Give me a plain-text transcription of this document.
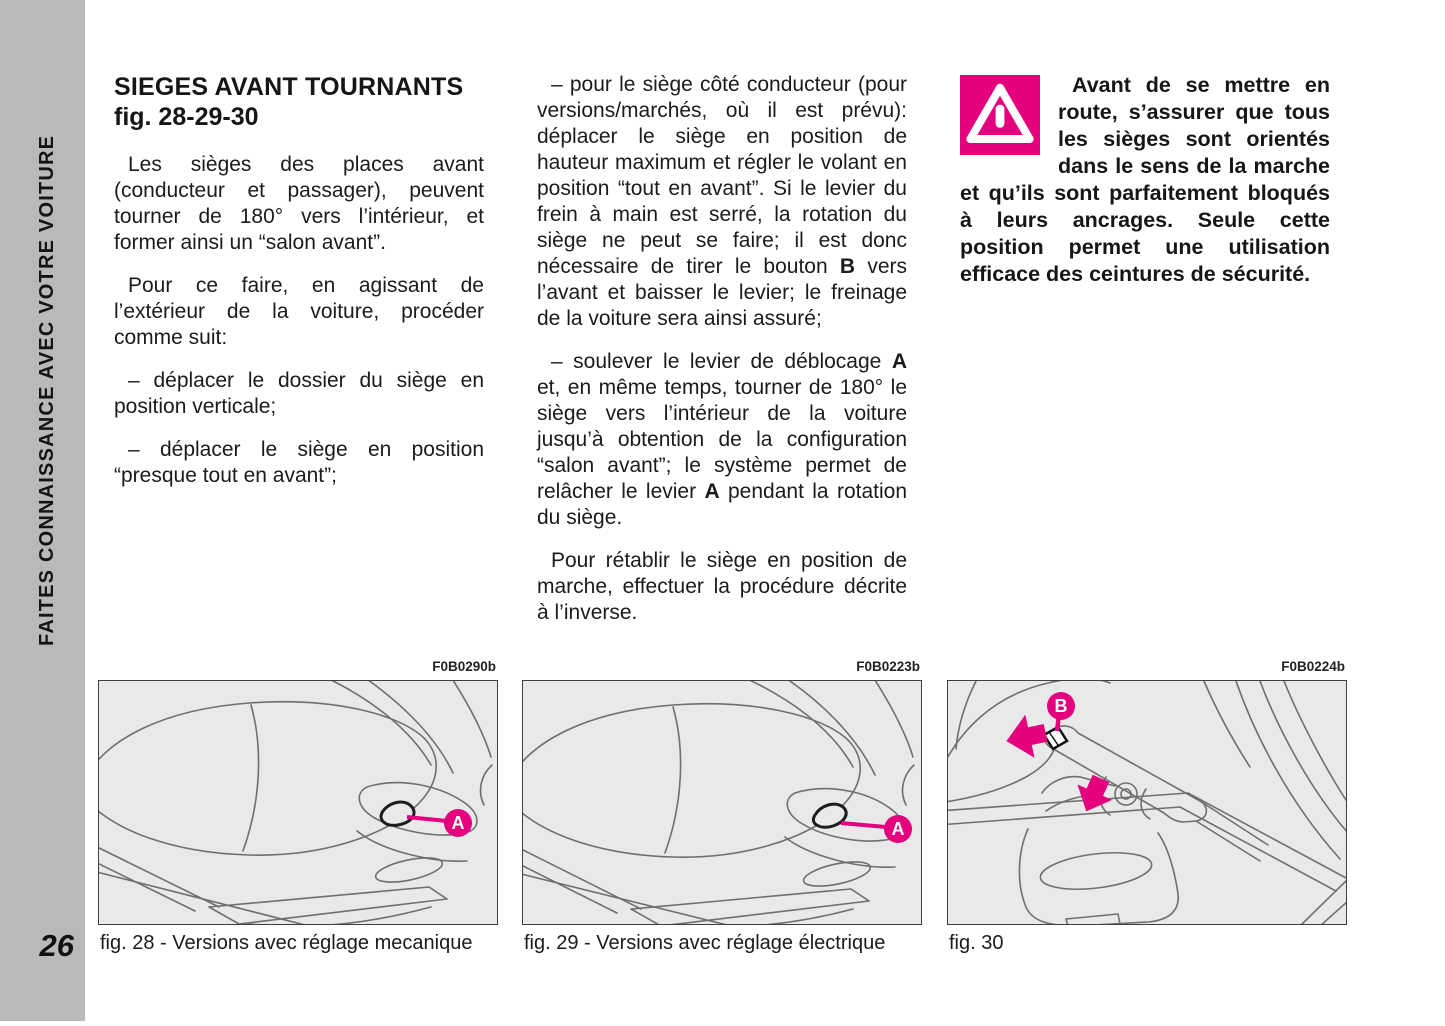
FAITES CONNAISSANCE AVEC VOTRE VOITURE
26
SIEGES AVANT TOURNANTS
fig. 28-29-30

Les sièges des places avant (conducteur et passager), peuvent tourner de 180° vers l’intérieur, et former ainsi un “salon avant”.

Pour ce faire, en agissant de l’extérieur de la voiture, procéder comme suit:

– déplacer le dossier du siège en position verticale;

– déplacer le siège en position “presque tout en avant”;

– pour le siège côté conducteur (pour versions/marchés, où il est prévu): déplacer le siège en position de hauteur maximum et régler le volant en position “tout en avant”. Si le levier du frein à main est serré, la rotation du siège ne peut se faire; il est donc nécessaire de tirer le bouton B vers l’avant et baisser le levier; le freinage de la voiture sera ainsi assuré;

– soulever le levier de déblocage A et, en même temps, tourner de 180° le siège vers l’intérieur de la voiture jusqu’à obtention de la configuration “salon avant”; le système permet de relâcher le levier A pendant la rotation du siège.

Pour rétablir le siège en position de marche, effectuer la procédure décrite à l’inverse.

Avant de se mettre en route, s’assurer que tous les sièges sont orientés dans le sens de la marche et qu’ils sont parfaitement bloqués à leurs ancrages. Seule cette position permet une utilisation efficace des ceintures de sécurité.

F0B0290b
A
fig. 28 - Versions avec réglage mecanique
F0B0223b
A
fig. 29 - Versions avec réglage électrique
F0B0224b
B
fig. 30
